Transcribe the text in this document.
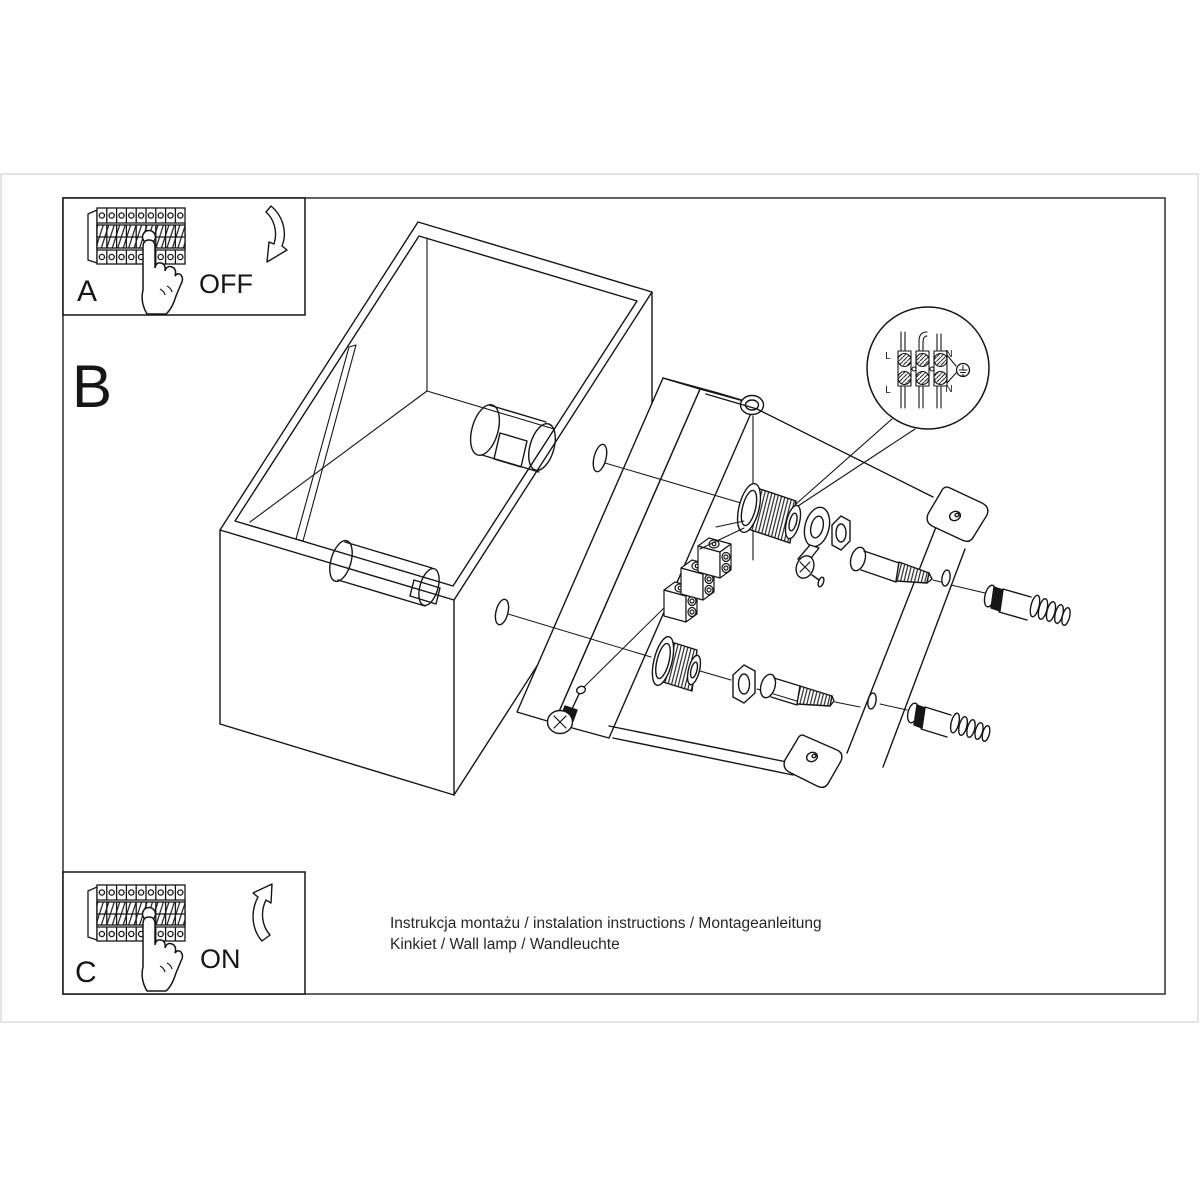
L	N
L	N
A	OFF
B
C	ON
Instrukcja montażu / instalation instructions / Montageanleitung
Kinkiet / Wall lamp / Wandleuchte
